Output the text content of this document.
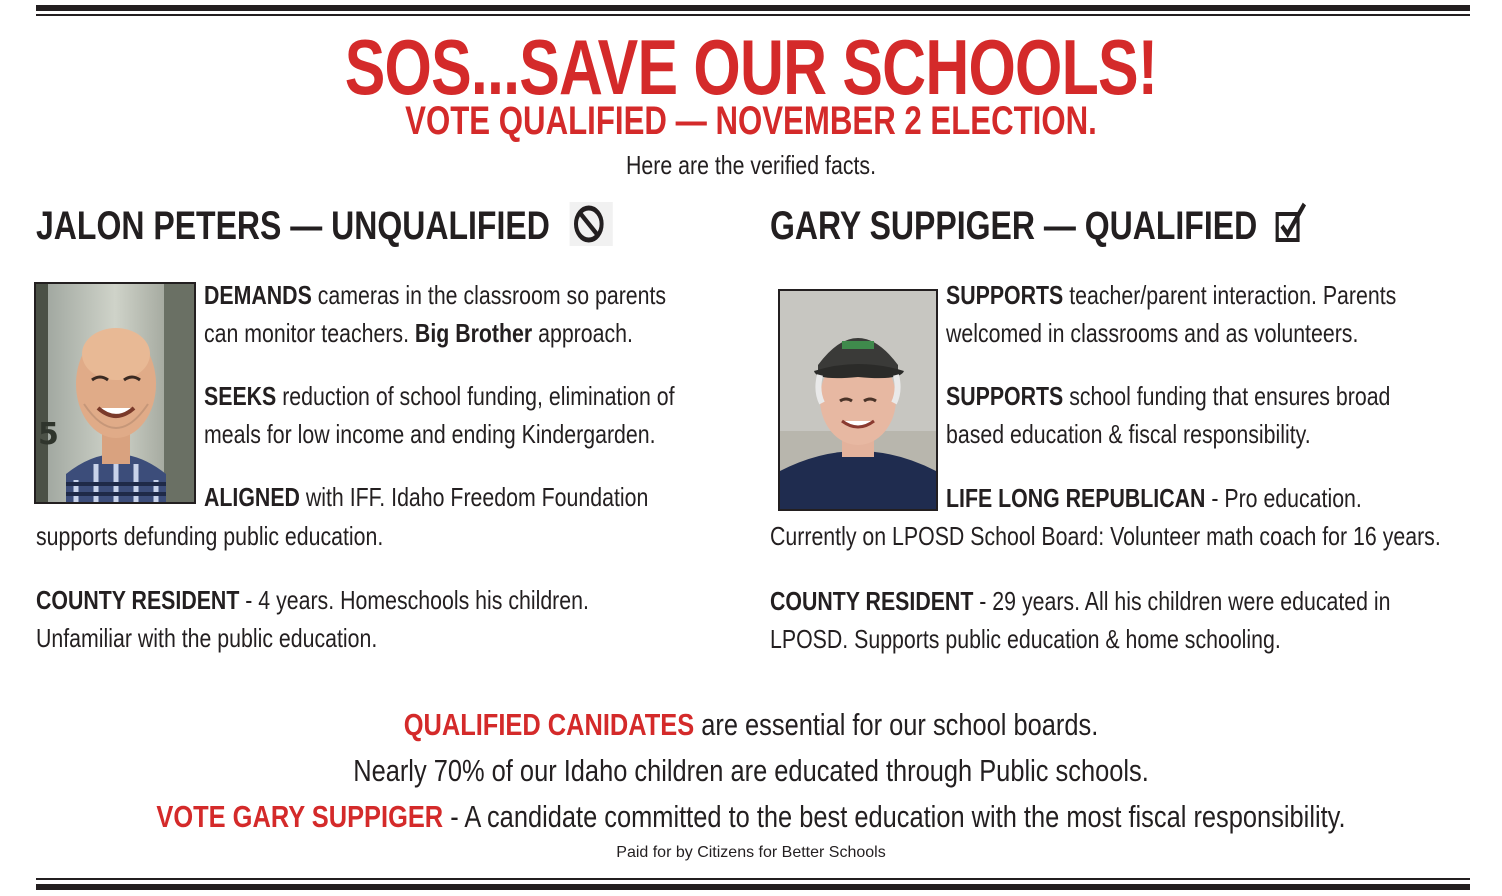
SOS...SAVE OUR SCHOOLS!
VOTE QUALIFIED — NOVEMBER 2 ELECTION.
Here are the verified facts.
JALON PETERS — UNQUALIFIED
5
DEMANDS cameras in the classroom so parents
can monitor teachers. Big Brother approach.
SEEKS reduction of school funding, elimination of
meals for low income and ending Kindergarden.
ALIGNED with IFF. Idaho Freedom Foundation
supports defunding public education.
COUNTY RESIDENT - 4 years. Homeschools his children.
Unfamiliar with the public education.
GARY SUPPIGER — QUALIFIED
SUPPORTS teacher/parent interaction. Parents
welcomed in classrooms and as volunteers.
SUPPORTS school funding that ensures broad
based education & fiscal responsibility.
LIFE LONG REPUBLICAN - Pro education.
Currently on LPOSD School Board: Volunteer math coach for 16 years.
COUNTY RESIDENT - 29 years. All his children were educated in
LPOSD. Supports public education & home schooling.
QUALIFIED CANIDATES are essential for our school boards.
Nearly 70% of our Idaho children are educated through Public schools.
VOTE GARY SUPPIGER - A candidate committed to the best education with the most fiscal responsibility.
Paid for by Citizens for Better Schools
